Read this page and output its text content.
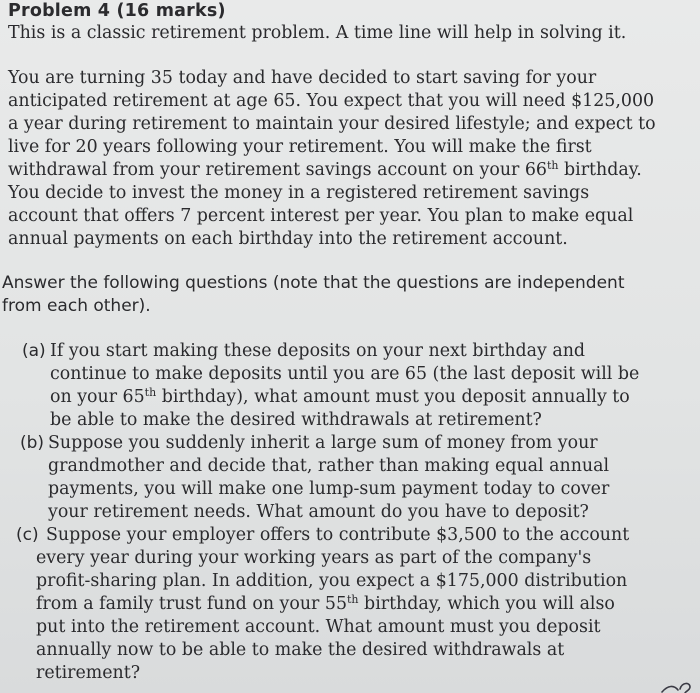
Problem 4 (16 marks)

This is a classic retirement problem. A time line will help in solving it.

You are turning 35 today and have decided to start saving for your

anticipated retirement at age 65. You expect that you will need $125,000

a year during retirement to maintain your desired lifestyle; and expect to

live for 20 years following your retirement. You will make the first

withdrawal from your retirement savings account on your 66th birthday.

You decide to invest the money in a registered retirement savings

account that offers 7 percent interest per year. You plan to make equal

annual payments on each birthday into the retirement account.

Answer the following questions (note that the questions are independent

from each other).

(a) If you start making these deposits on your next birthday and

continue to make deposits until you are 65 (the last deposit will be

on your 65th birthday), what amount must you deposit annually to

be able to make the desired withdrawals at retirement?

(b) Suppose you suddenly inherit a large sum of money from your

grandmother and decide that, rather than making equal annual

payments, you will make one lump-sum payment today to cover

your retirement needs. What amount do you have to deposit?

(c) Suppose your employer offers to contribute $3,500 to the account

every year during your working years as part of the company's

profit-sharing plan. In addition, you expect a $175,000 distribution

from a family trust fund on your 55th birthday, which you will also

put into the retirement account. What amount must you deposit

annually now to be able to make the desired withdrawals at

retirement?
